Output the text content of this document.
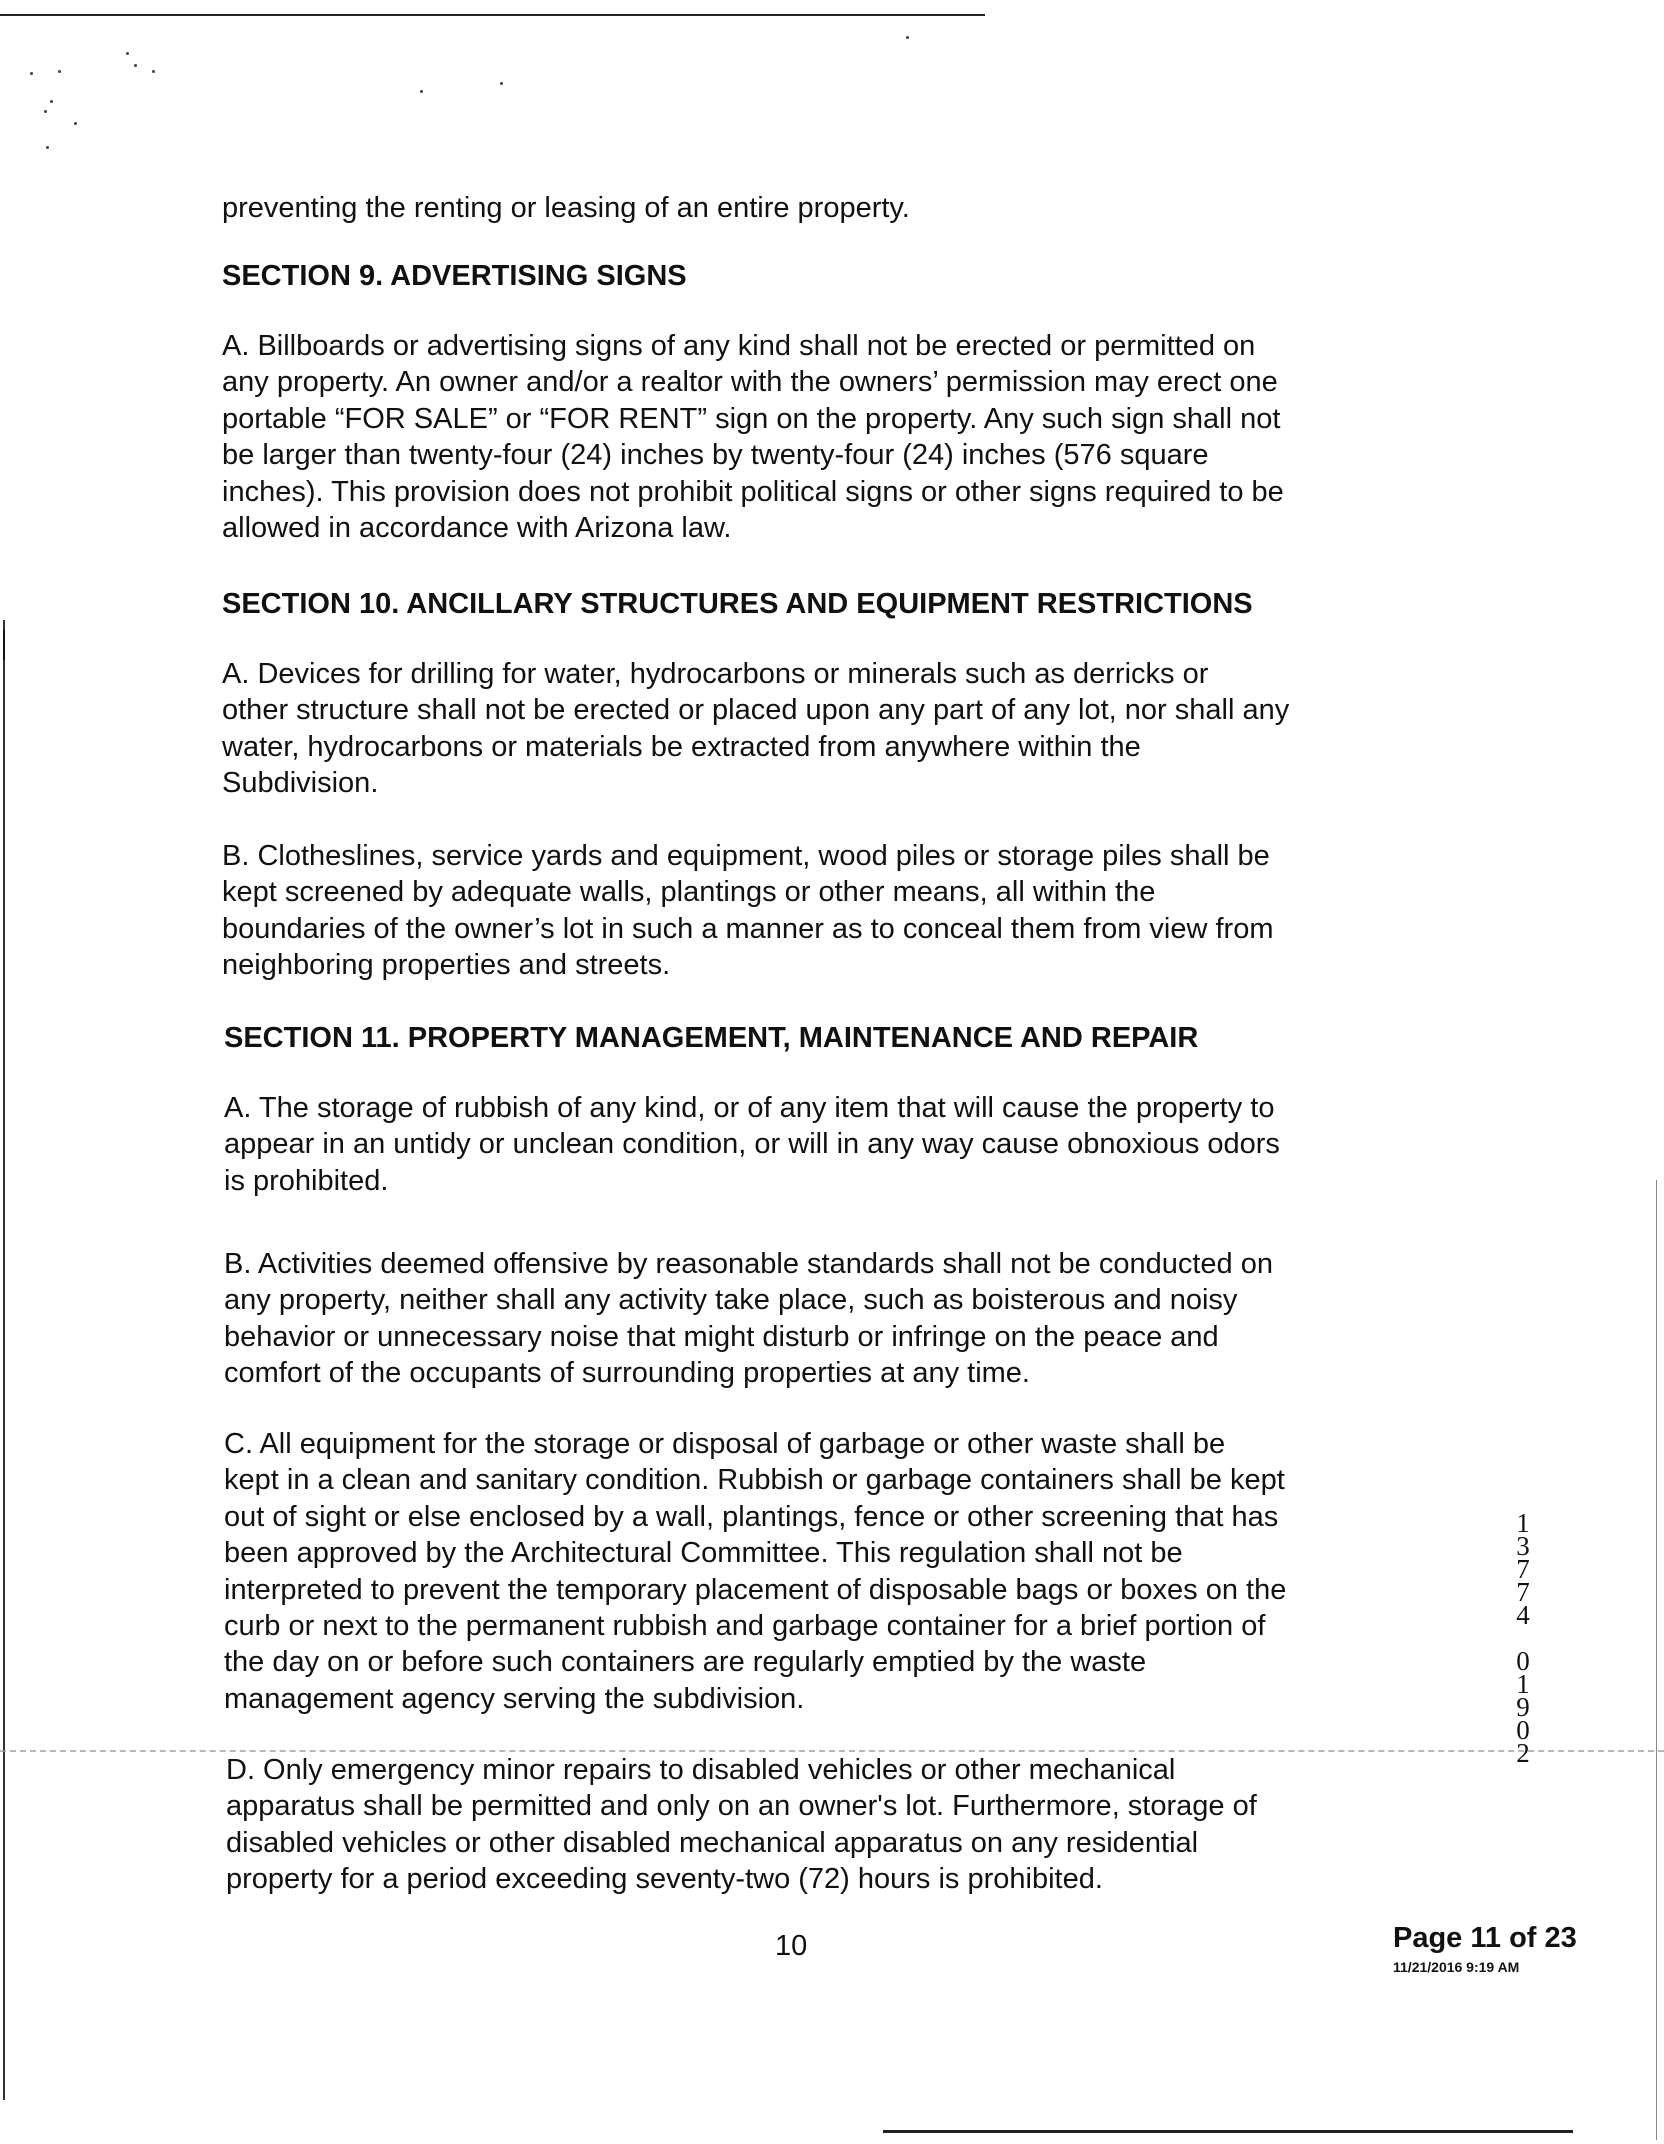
preventing the renting or leasing of an entire property.

SECTION 9. ADVERTISING SIGNS

A. Billboards or advertising signs of any kind shall not be erected or permitted on
any property. An owner and/or a realtor with the owners’ permission may erect one
portable “FOR SALE” or “FOR RENT” sign on the property. Any such sign shall not
be larger than twenty-four (24) inches by twenty-four (24) inches (576 square
inches). This provision does not prohibit political signs or other signs required to be
allowed in accordance with Arizona law.

SECTION 10. ANCILLARY STRUCTURES AND EQUIPMENT RESTRICTIONS

A. Devices for drilling for water, hydrocarbons or minerals such as derricks or
other structure shall not be erected or placed upon any part of any lot, nor shall any
water, hydrocarbons or materials be extracted from anywhere within the
Subdivision.

B. Clotheslines, service yards and equipment, wood piles or storage piles shall be
kept screened by adequate walls, plantings or other means, all within the
boundaries of the owner’s lot in such a manner as to conceal them from view from
neighboring properties and streets.

SECTION 11. PROPERTY MANAGEMENT, MAINTENANCE AND REPAIR

A. The storage of rubbish of any kind, or of any item that will cause the property to
appear in an untidy or unclean condition, or will in any way cause obnoxious odors
is prohibited.

B. Activities deemed offensive by reasonable standards shall not be conducted on
any property, neither shall any activity take place, such as boisterous and noisy
behavior or unnecessary noise that might disturb or infringe on the peace and
comfort of the occupants of surrounding properties at any time.

C. All equipment for the storage or disposal of garbage or other waste shall be
kept in a clean and sanitary condition. Rubbish or garbage containers shall be kept
out of sight or else enclosed by a wall, plantings, fence or other screening that has
been approved by the Architectural Committee. This regulation shall not be
interpreted to prevent the temporary placement of disposable bags or boxes on the
curb or next to the permanent rubbish and garbage container for a brief portion of
the day on or before such containers are regularly emptied by the waste
management agency serving the subdivision.

D. Only emergency minor repairs to disabled vehicles or other mechanical
apparatus shall be permitted and only on an owner's lot. Furthermore, storage of
disabled vehicles or other disabled mechanical apparatus on any residential
property for a period exceeding seventy-two (72) hours is prohibited.

1
3
7
7
4

0
1
9
0
2
10	Page 11 of 23
11/21/2016 9:19 AM
